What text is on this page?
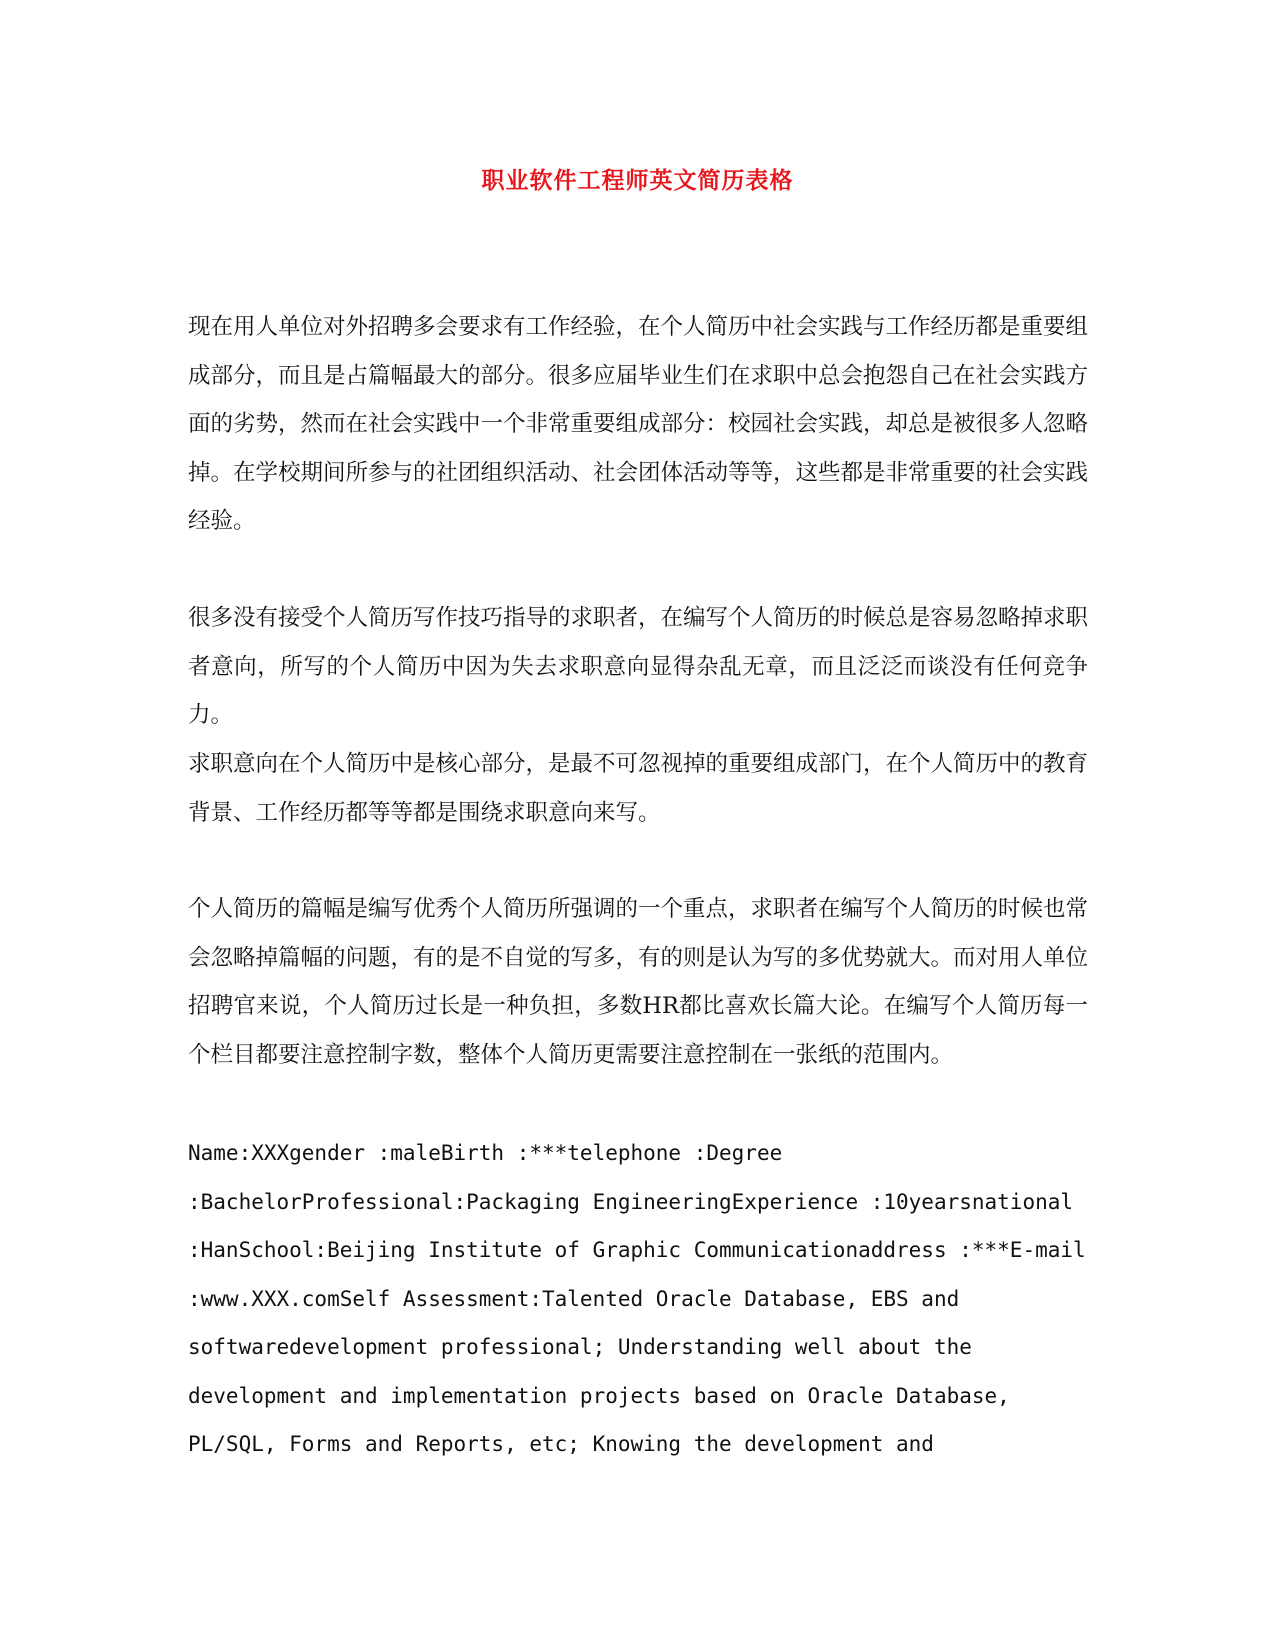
职业软件工程师英文简历表格

现在用人单位对外招聘多会要求有工作经验，在个人简历中社会实践与工作经历都是重要组成部分，而且是占篇幅最大的部分。很多应届毕业生们在求职中总会抱怨自己在社会实践方面的劣势，然而在社会实践中一个非常重要组成部分：校园社会实践，却总是被很多人忽略掉。在学校期间所参与的社团组织活动、社会团体活动等等，这些都是非常重要的社会实践经验。

很多没有接受个人简历写作技巧指导的求职者，在编写个人简历的时候总是容易忽略掉求职者意向，所写的个人简历中因为失去求职意向显得杂乱无章，而且泛泛而谈没有任何竞争力。

求职意向在个人简历中是核心部分，是最不可忽视掉的重要组成部门，在个人简历中的教育背景、工作经历都等等都是围绕求职意向来写。

个人简历的篇幅是编写优秀个人简历所强调的一个重点，求职者在编写个人简历的时候也常会忽略掉篇幅的问题，有的是不自觉的写多，有的则是认为写的多优势就大。而对用人单位招聘官来说，个人简历过长是一种负担，多数HR都比喜欢长篇大论。在编写个人简历每一个栏目都要注意控制字数，整体个人简历更需要注意控制在一张纸的范围内。

Name:XXXgender :maleBirth :***telephone :Degree
:BachelorProfessional:Packaging EngineeringExperience :10yearsnational
:HanSchool:Beijing Institute of Graphic Communicationaddress :***E-mail
:www.XXX.comSelf Assessment:Talented Oracle Database, EBS and
softwaredevelopment professional; Understanding well about the
development and implementation projects based on Oracle Database,
PL/SQL, Forms and Reports, etc; Knowing the development and
